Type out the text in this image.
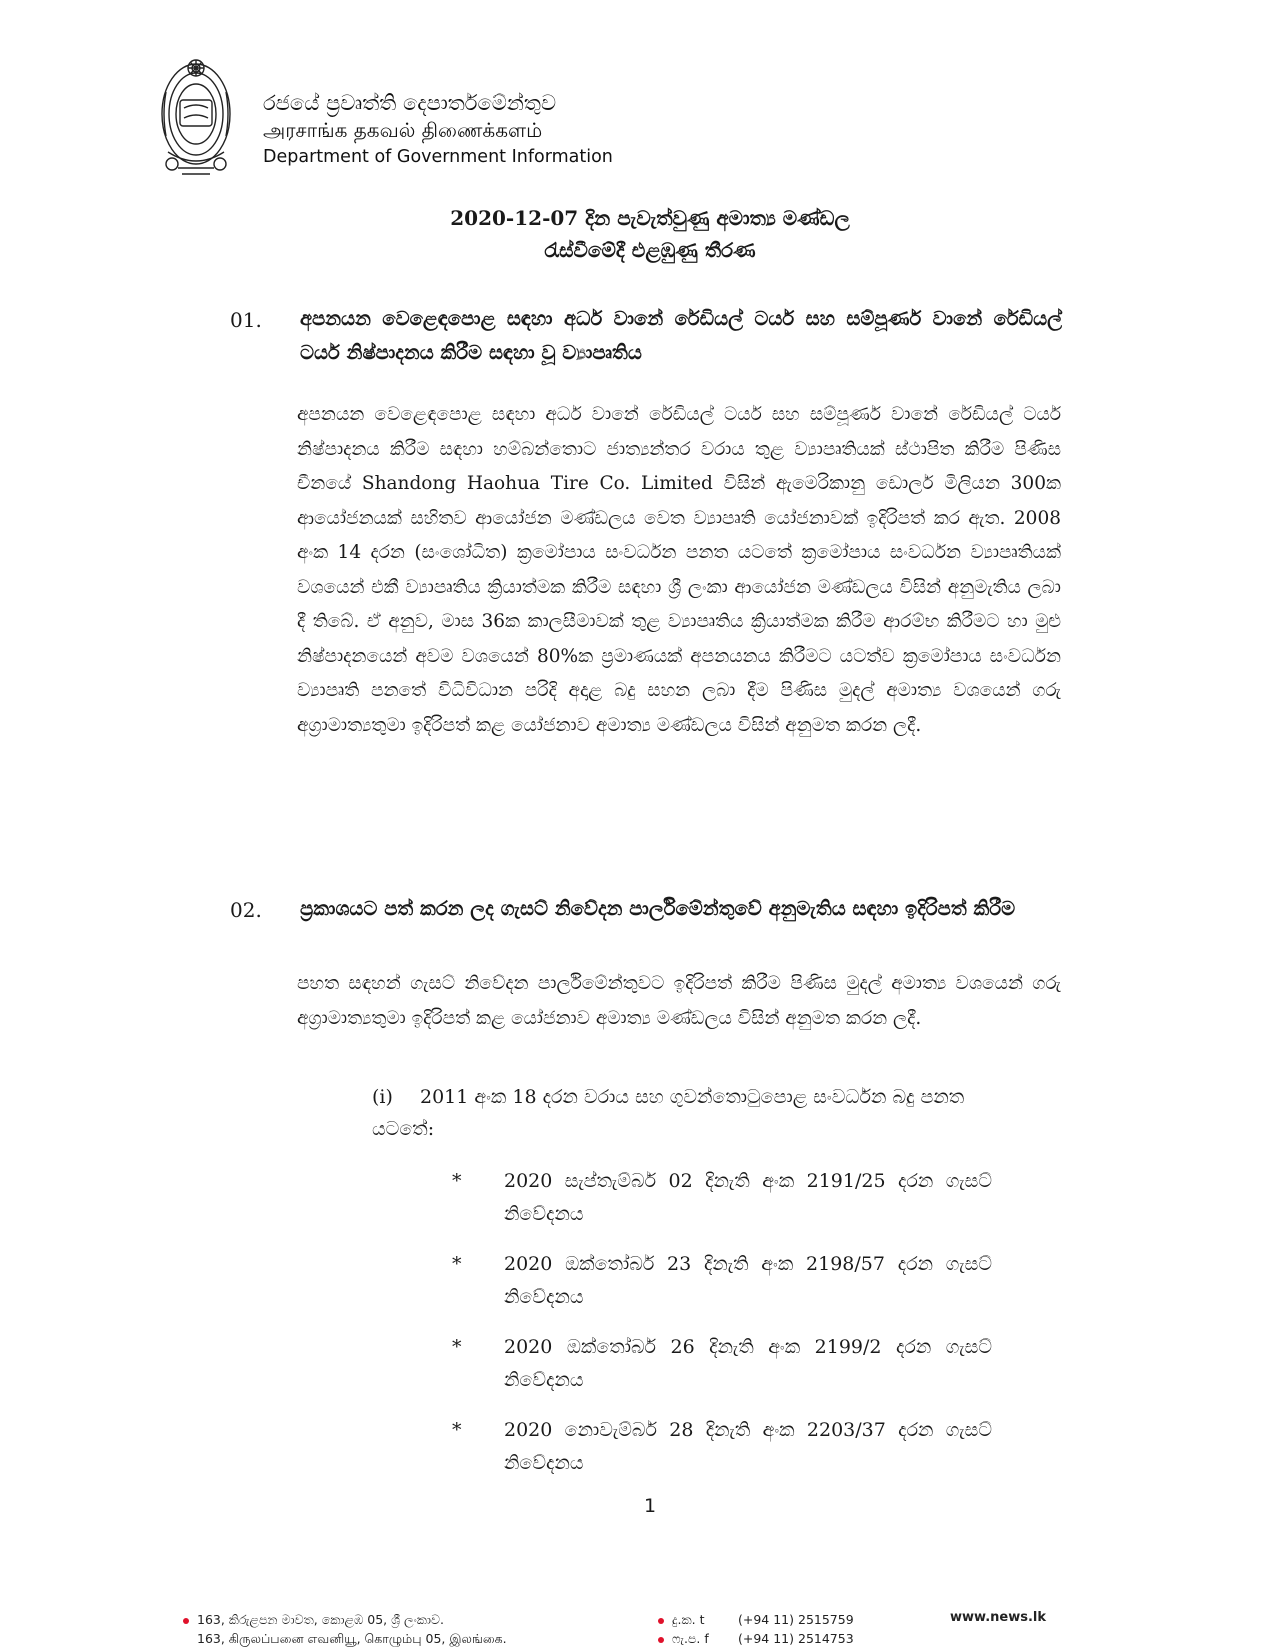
රජයේ ප්‍රවෘත්ති දෙපාර්තමේන්තුව
அரசாங்க தகவல் திணைக்களம்
Department of Government Information
2020-12-07 දින පැවැත්වුණු අමාත්‍ය මණ්ඩල
රැස්වීමේදී එළඹුණු තීරණ
01. අපනයන වෙළෙඳපොළ සඳහා අර්ධ වානේ රේඩියල් ටයර් සහ සම්පූර්ණ වානේ රේඩියල් ටයර් නිෂ්පාදනය කිරීම සඳහා වූ ව්‍යාපෘතිය
අපනයන වෙළෙඳපොළ සඳහා අර්ධ වානේ රේඩියල් ටයර් සහ සම්පූර්ණ වානේ රේඩියල් ටයර් නිෂ්පාදනය කිරීම සඳහා හම්බන්තොට ජාත්‍යන්තර වරාය තුළ ව්‍යාපෘතියක් ස්ථාපිත කිරීම පිණිස චීනයේ Shandong Haohua Tire Co. Limited විසින් ඇමෙරිකානු ඩොලර් මිලියන 300ක ආයෝජනයක් සහිතව ආයෝජන මණ්ඩලය වෙත ව්‍යාපෘති යෝජනාවක් ඉදිරිපත් කර ඇත. 2008 අංක 14 දරන (සංශෝධිත) ක්‍රමෝපාය සංවර්ධන පනත යටතේ ක්‍රමෝපාය සංවර්ධන ව්‍යාපෘතියක් වශයෙන් එකී ව්‍යාපෘතිය ක්‍රියාත්මක කිරීම සඳහා ශ්‍රී ලංකා ආයෝජන මණ්ඩලය විසින් අනුමැතිය ලබා දී තිබේ. ඒ අනුව, මාස 36ක කාලසීමාවක් තුළ ව්‍යාපෘතිය ක්‍රියාත්මක කිරීම ආරම්භ කිරීමට හා මුළු නිෂ්පාදනයෙන් අවම වශයෙන් 80%ක ප්‍රමාණයක් අපනයනය කිරීමට යටත්ව ක්‍රමෝපාය සංවර්ධන ව්‍යාපෘති පනතේ විධිවිධාන පරිදි අදාළ බදු සහන ලබා දීම පිණිස මුදල් අමාත්‍ය වශයෙන් ගරු අග්‍රාමාත්‍යතුමා ඉදිරිපත් කළ යෝජනාව අමාත්‍ය මණ්ඩලය විසින් අනුමත කරන ලදී.
02. ප්‍රකාශයට පත් කරන ලද ගැසට් නිවේදන පාර්ලිමේන්තුවේ අනුමැතිය සඳහා ඉදිරිපත් කිරීම
පහත සඳහන් ගැසට් නිවේදන පාර්ලිමේන්තුවට ඉදිරිපත් කිරීම පිණිස මුදල් අමාත්‍ය වශයෙන් ගරු අග්‍රාමාත්‍යතුමා ඉදිරිපත් කළ යෝජනාව අමාත්‍ය මණ්ඩලය විසින් අනුමත කරන ලදී.
(i) 2011 අංක 18 දරන වරාය සහ ගුවන්තොටුපොළ සංවර්ධන බදු පනත යටතේ:
* 2020 සැප්තැම්බර් 02 දිනැති අංක 2191/25 දරන ගැසට් නිවේදනය
* 2020 ඔක්තෝබර් 23 දිනැති අංක 2198/57 දරන ගැසට් නිවේදනය
* 2020 ඔක්තෝබර් 26 දිනැති අංක 2199/2 දරන ගැසට් නිවේදනය
* 2020 නොවැම්බර් 28 දිනැති අංක 2203/37 දරන ගැසට් නිවේදනය
1
163, කිරුළපන මාවත, කොළඹ 05, ශ්‍රී ලංකාව.
163, கிருலப்பனை எவனியூ, கொழும்பு 05, இலங்கை.
දු.ක. t	(+94 11) 2515759
ෆැ.ප. f (+94 11) 2514753
www.news.lk
